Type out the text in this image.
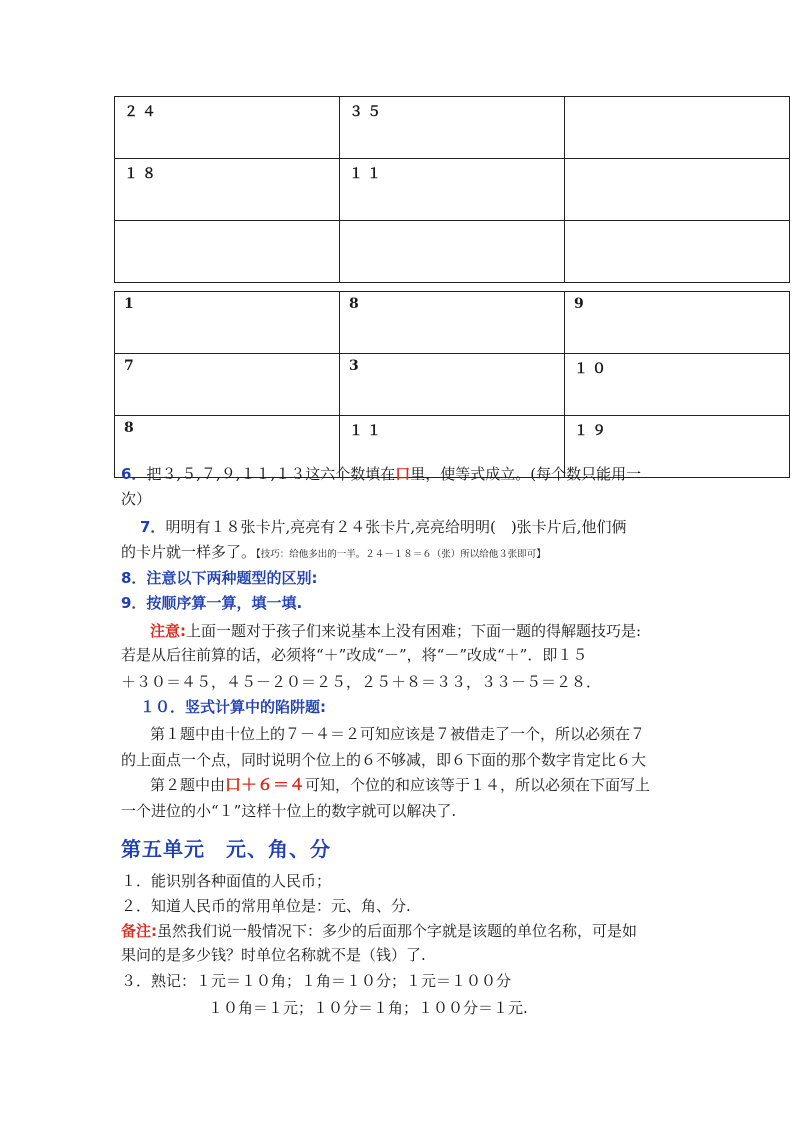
２４	３５	
１８	１１	

1	8	9
7	3	１０
8	１１	１９
6．把３,５,７,９,１１,１３这六个数填在口里，使等式成立。(每个数只能用一
次）
7．明明有１８张卡片,亮亮有２４张卡片,亮亮给明明(　)张卡片后,他们俩
的卡片就一样多了。【技巧：给他多出的一半。２４－１８＝６（张）所以给他３张即可】
8．注意以下两种题型的区别:
9．按顺序算一算，填一填.
注意:上面一题对于孩子们来说基本上没有困难；下面一题的得解题技巧是:
若是从后往前算的话，必须将“＋”改成“－”，将“－”改成“＋”．即１５
＋３０＝４５，４５－２０＝２５，２５＋８＝３３，３３－５＝２８．
１０．竖式计算中的陷阱题:
第１题中由十位上的７－４＝２可知应该是７被借走了一个，所以必须在７
的上面点一个点，同时说明个位上的６不够减，即６下面的那个数字肯定比６大
第２题中由口＋６＝４可知，个位的和应该等于１４，所以必须在下面写上
一个进位的小“１”这样十位上的数字就可以解决了.
第五单元　元、角、分
１．能识别各种面值的人民币；
２．知道人民币的常用单位是：元、角、分.
备注:虽然我们说一般情况下：多少的后面那个字就是该题的单位名称，可是如
果问的是多少钱？时单位名称就不是（钱）了.
３．熟记：１元＝１０角；１角＝１０分；１元＝１００分
１０角＝１元；１０分＝１角；１００分＝１元.
